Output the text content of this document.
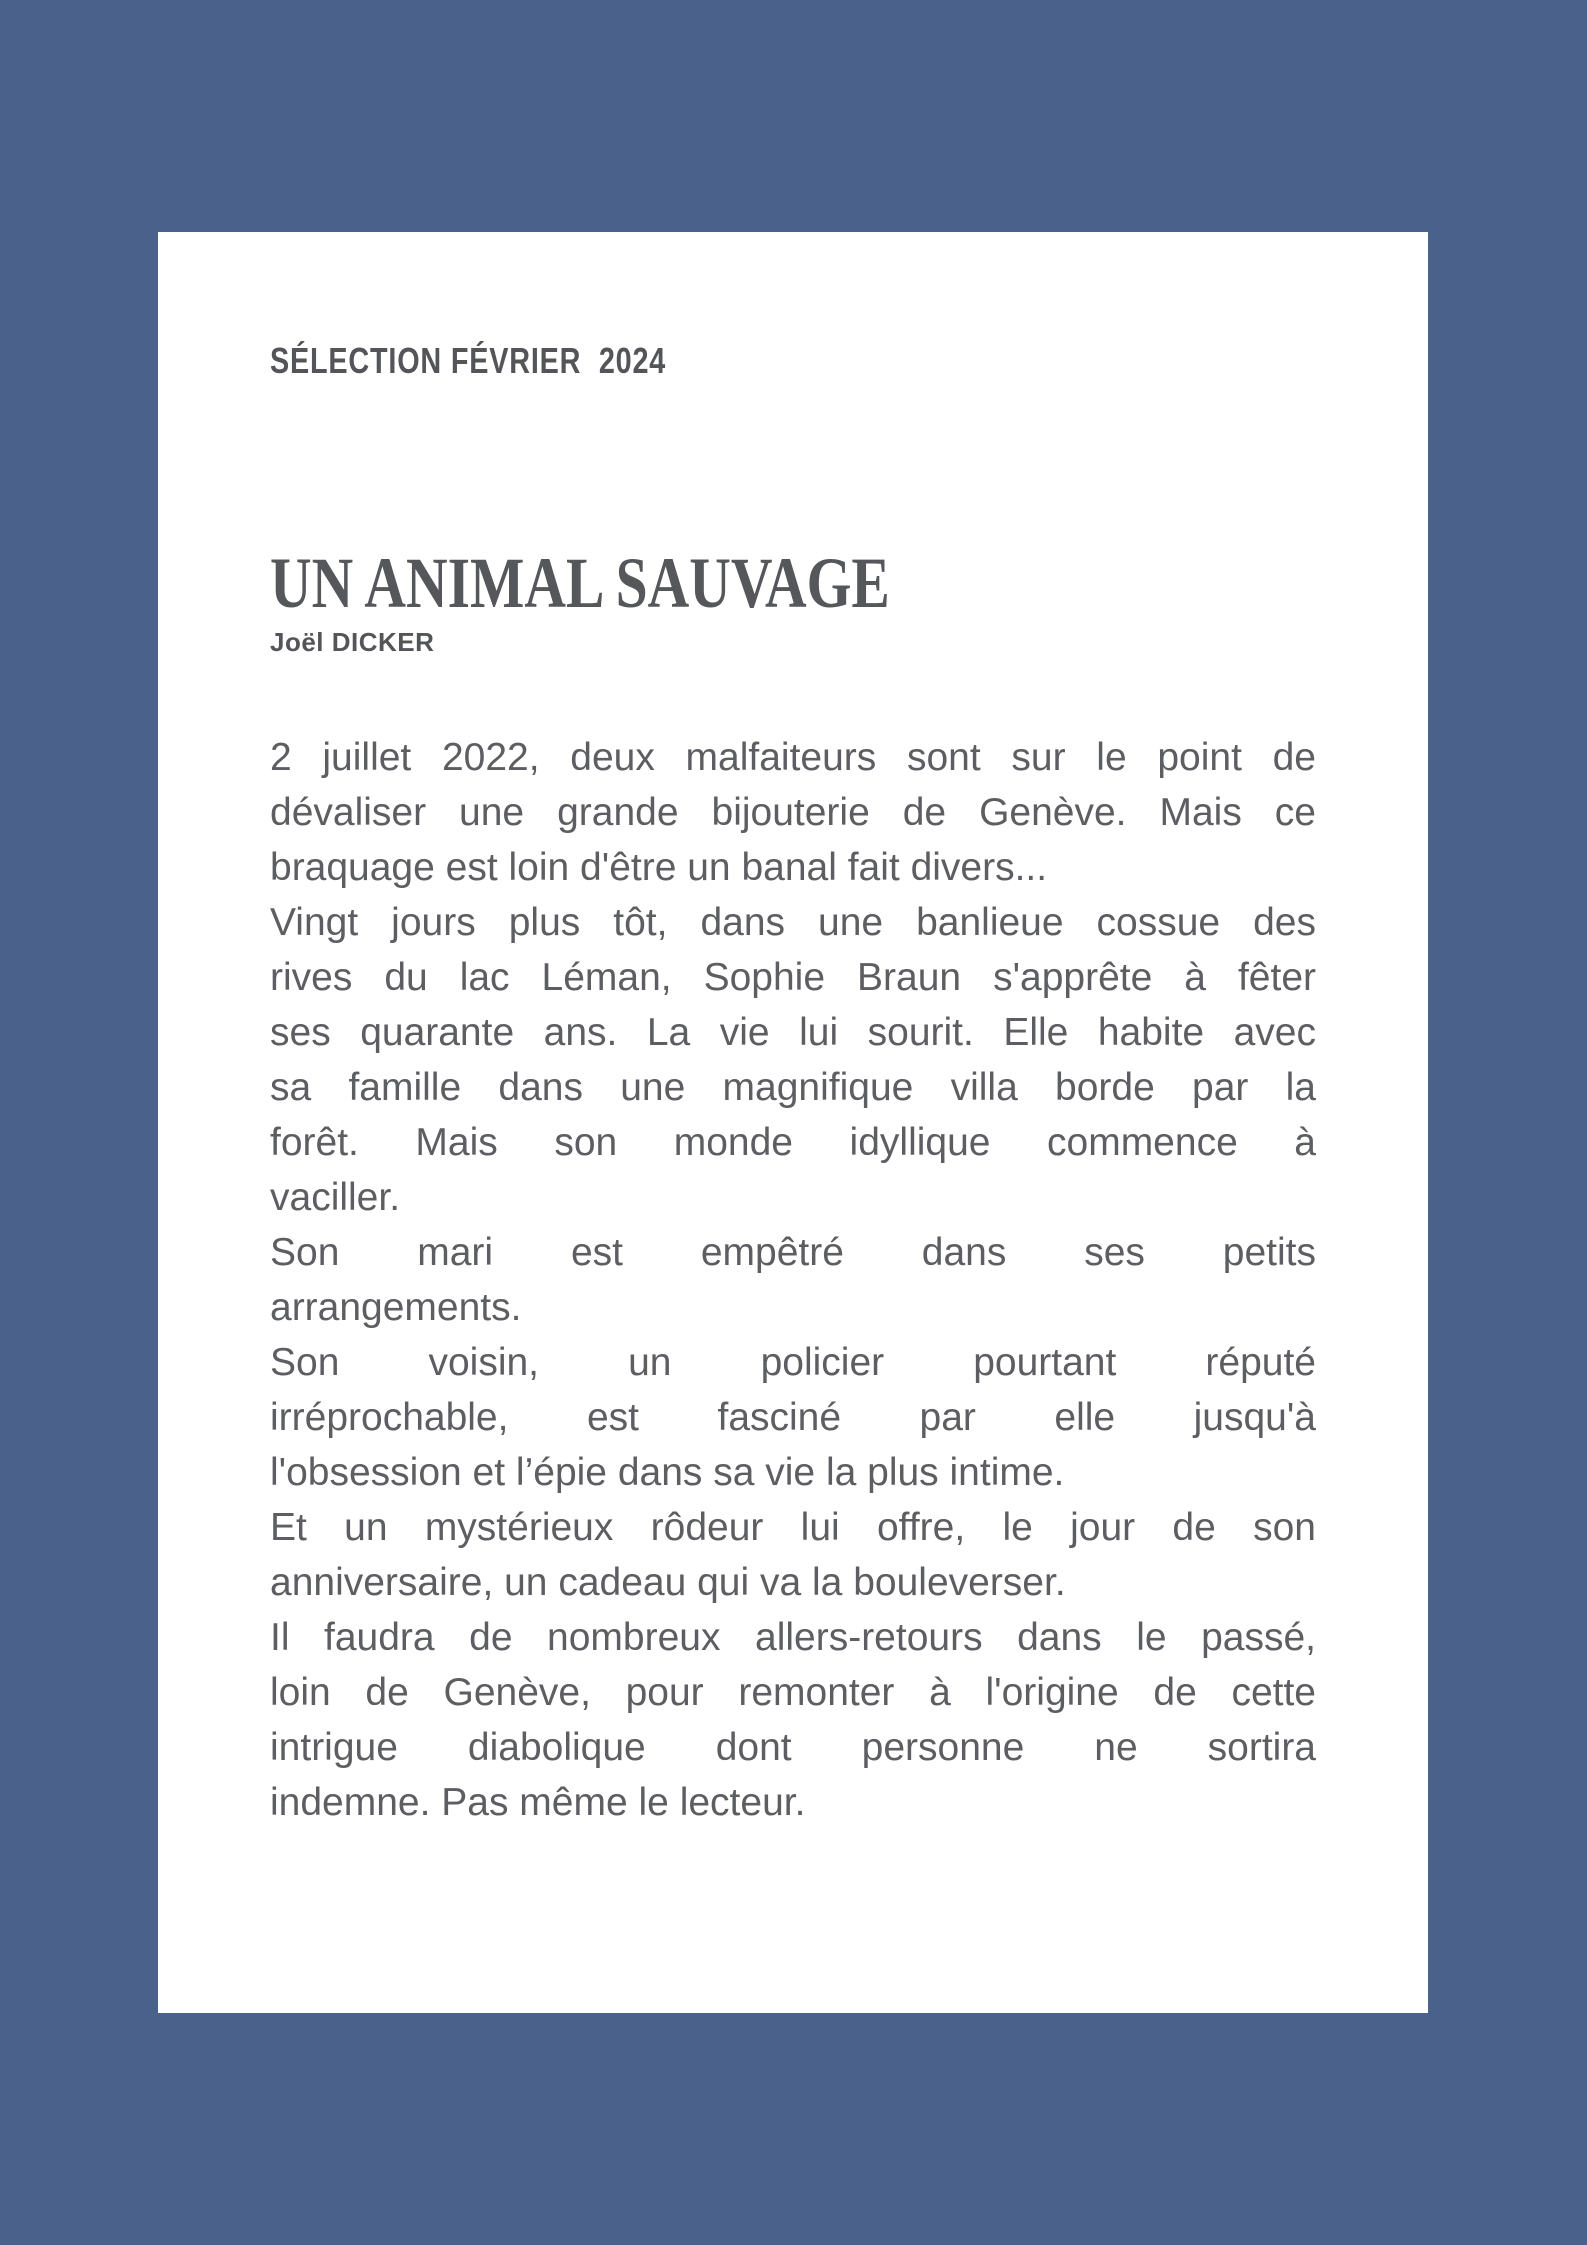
SÉLECTION FÉVRIER  2024
UN ANIMAL SAUVAGE
Joël DICKER
2 juillet 2022, deux malfaiteurs sont sur le point de
dévaliser une grande bijouterie de Genève. Mais ce
braquage est loin d'être un banal fait divers...
Vingt jours plus tôt, dans une banlieue cossue des
rives du lac Léman, Sophie Braun s'apprête à fêter
ses quarante ans. La vie lui sourit. Elle habite avec
sa famille dans une magnifique villa borde par la
forêt. Mais son monde idyllique commence à
vaciller.
Son mari est empêtré dans ses petits
arrangements.
Son voisin, un policier pourtant réputé
irréprochable, est fasciné par elle jusqu'à
l'obsession et l’épie dans sa vie la plus intime.
Et un mystérieux rôdeur lui offre, le jour de son
anniversaire, un cadeau qui va la bouleverser.
Il faudra de nombreux allers-retours dans le passé,
loin de Genève, pour remonter à l'origine de cette
intrigue diabolique dont personne ne sortira
indemne. Pas même le lecteur.
